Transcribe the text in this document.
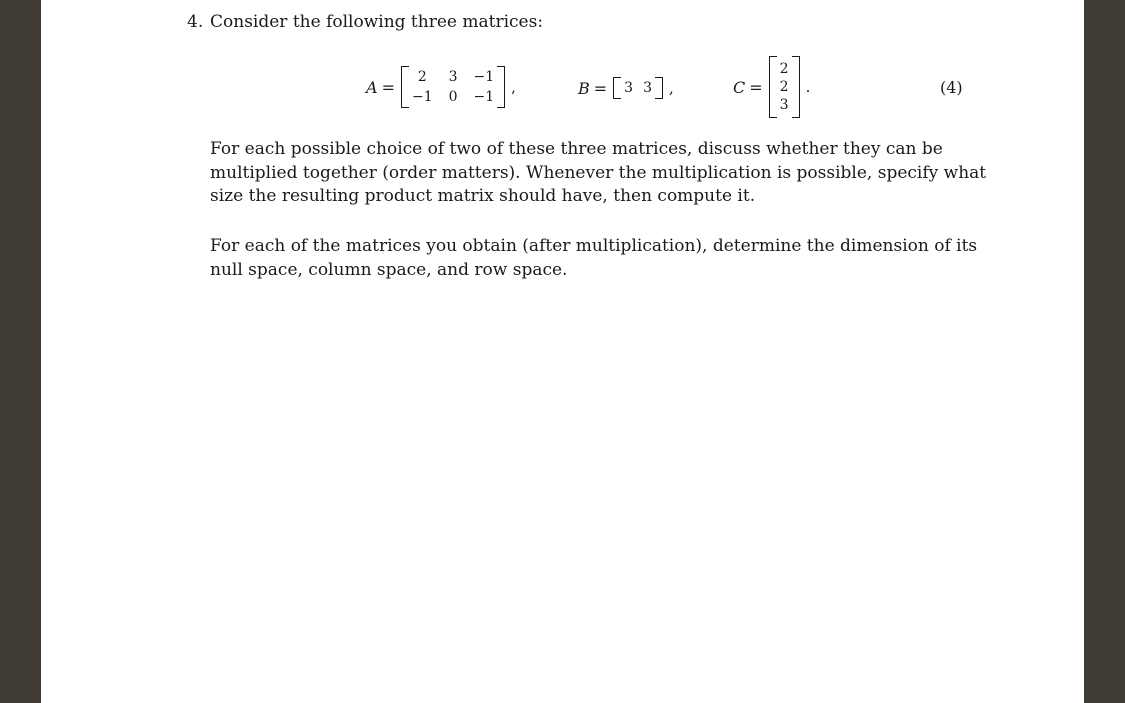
4. Consider the following three matrices:
A =
2	3 −1
−1 0 −1
,	B = 3 3 ,	C =
2
2
3
.	(4)

For each possible choice of two of these three matrices, discuss whether they can be multiplied together (order matters). Whenever the multiplication is possible, specify what size the resulting product matrix should have, then compute it.

For each of the matrices you obtain (after multiplication), determine the dimension of its null space, column space, and row space.
